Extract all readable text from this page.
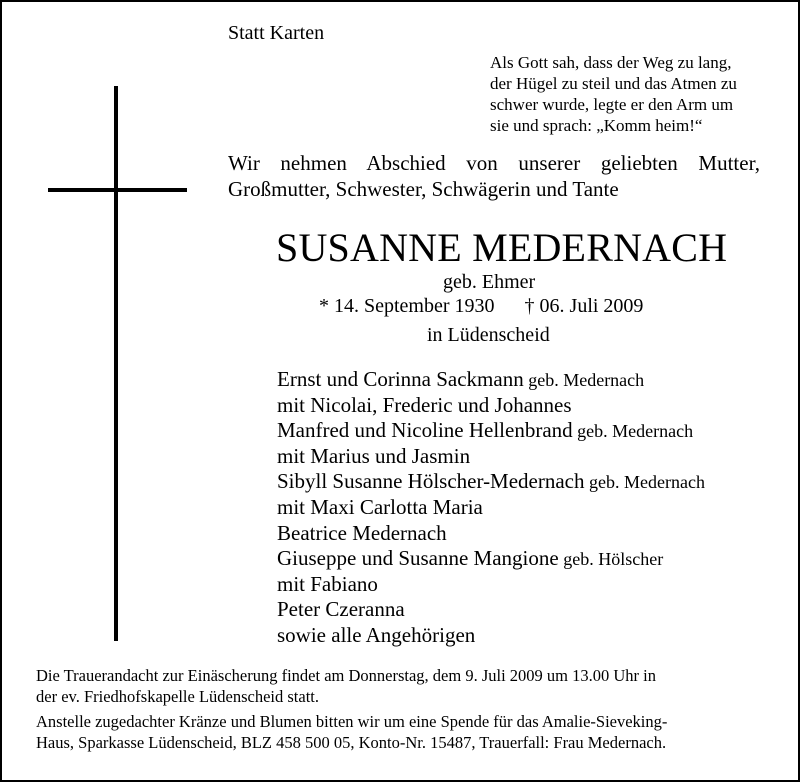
Statt Karten
Als Gott sah, dass der Weg zu lang,
der Hügel zu steil und das Atmen zu
schwer wurde, legte er den Arm um
sie und sprach: „Komm heim!“
Wir nehmen Abschied von unserer geliebten Mutter,
Großmutter, Schwester, Schwägerin und Tante
SUSANNE MEDERNACH
geb. Ehmer
* 14. September 1930 † 06. Juli 2009
in Lüdenscheid
Ernst und Corinna Sackmann geb. Medernach
mit Nicolai, Frederic und Johannes
Manfred und Nicoline Hellenbrand geb. Medernach
mit Marius und Jasmin
Sibyll Susanne Hölscher-Medernach geb. Medernach
mit Maxi Carlotta Maria
Beatrice Medernach
Giuseppe und Susanne Mangione geb. Hölscher
mit Fabiano
Peter Czeranna
sowie alle Angehörigen
Die Trauerandacht zur Einäscherung findet am Donnerstag, dem 9. Juli 2009 um 13.00 Uhr in
der ev. Friedhofskapelle Lüdenscheid statt.
Anstelle zugedachter Kränze und Blumen bitten wir um eine Spende für das Amalie-Sieveking-
Haus, Sparkasse Lüdenscheid, BLZ 458 500 05, Konto-Nr. 15487, Trauerfall: Frau Medernach.
